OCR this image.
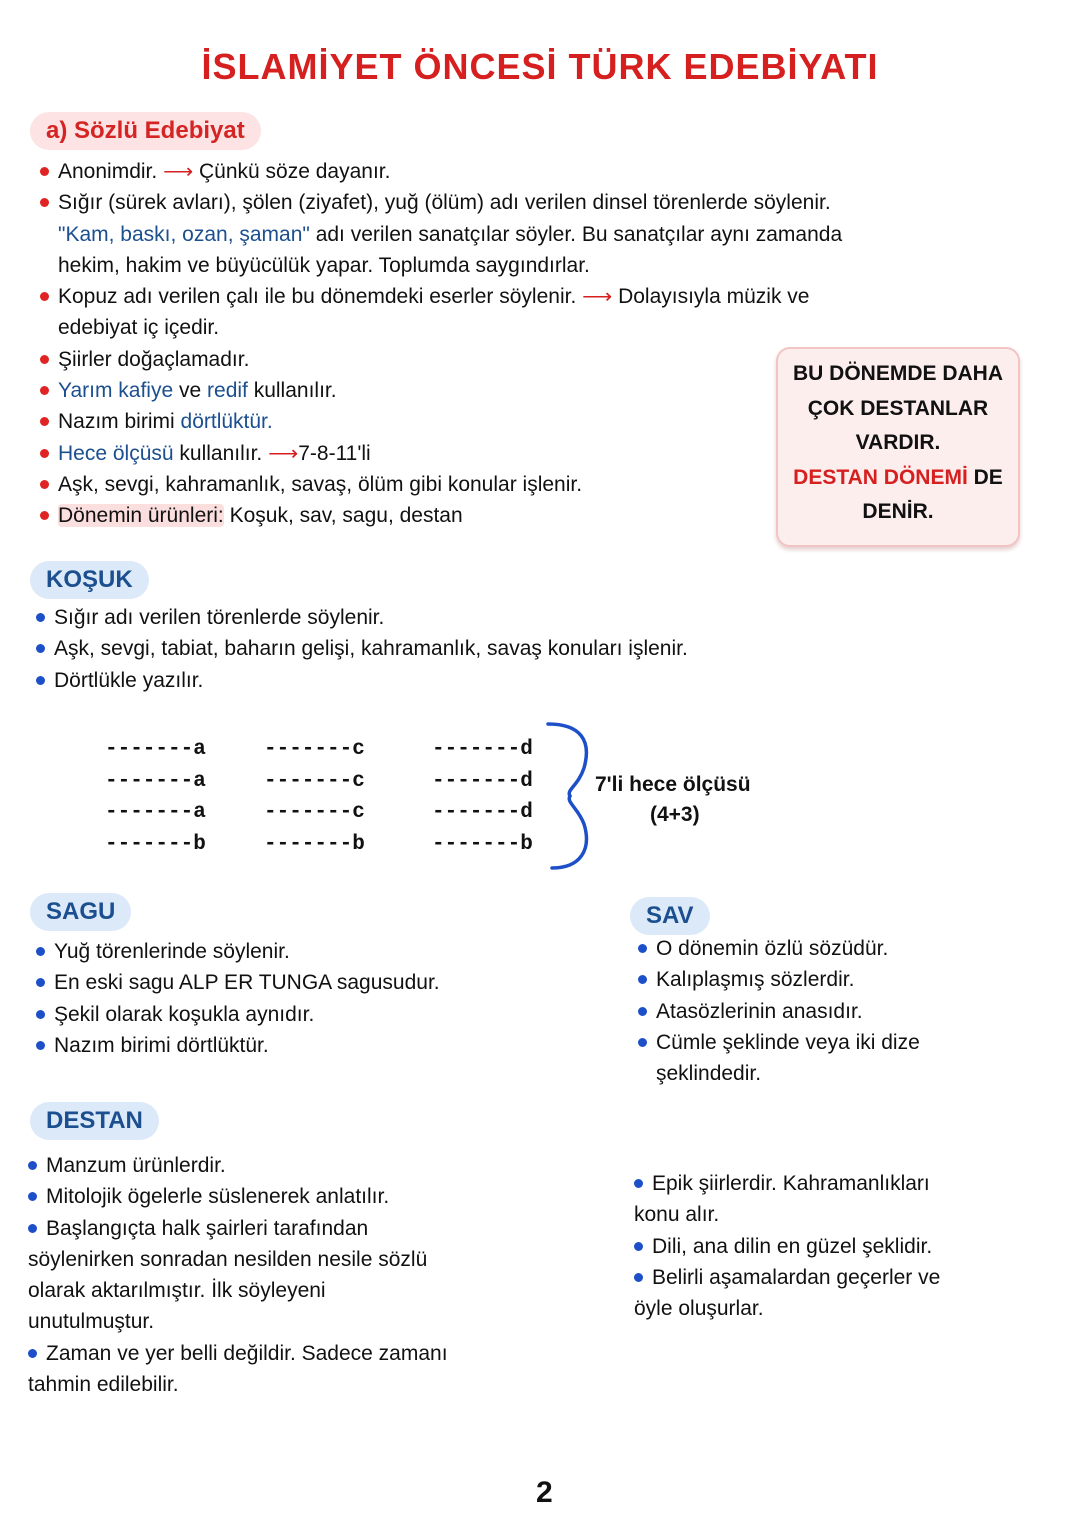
İSLAMİYET ÖNCESİ TÜRK EDEBİYATI
a) Sözlü Edebiyat
Anonimdir. ⟶ Çünkü söze dayanır.
Sığır (sürek avları), şölen (ziyafet), yuğ (ölüm) adı verilen dinsel törenlerde söylenir.
"Kam, baskı, ozan, şaman" adı verilen sanatçılar söyler. Bu sanatçılar aynı zamanda
hekim, hakim ve büyücülük yapar. Toplumda saygındırlar.
Kopuz adı verilen çalı ile bu dönemdeki eserler söylenir. ⟶ Dolayısıyla müzik ve
edebiyat iç içedir.
Şiirler doğaçlamadır.
Yarım kafiye ve redif kullanılır.
Nazım birimi dörtlüktür.
Hece ölçüsü kullanılır. ⟶7-8-11'li
Aşk, sevgi, kahramanlık, savaş, ölüm gibi konular işlenir.
Dönemin ürünleri: Koşuk, sav, sagu, destan
BU DÖNEMDE DAHA
ÇOK DESTANLAR
VARDIR.
DESTAN DÖNEMİ DE
DENİR.
KOŞUK
Sığır adı verilen törenlerde söylenir.
Aşk, sevgi, tabiat, baharın gelişi, kahramanlık, savaş konuları işlenir.
Dörtlükle yazılır.
-------a
-------a
-------a
-------b
-------c
-------c
-------c
-------b
-------d
-------d
-------d
-------b
7'li hece ölçüsü
(4+3)
SAGU
Yuğ törenlerinde söylenir.
En eski sagu ALP ER TUNGA sagusudur.
Şekil olarak koşukla aynıdır.
Nazım birimi dörtlüktür.
SAV
O dönemin özlü sözüdür.
Kalıplaşmış sözlerdir.
Atasözlerinin anasıdır.
Cümle şeklinde veya iki dize
şeklindedir.
DESTAN
Manzum ürünlerdir.
Mitolojik ögelerle süslenerek anlatılır.
Başlangıçta halk şairleri tarafından
söylenirken sonradan nesilden nesile sözlü
olarak aktarılmıştır. İlk söyleyeni
unutulmuştur.
Zaman ve yer belli değildir. Sadece zamanı
tahmin edilebilir.
Epik şiirlerdir. Kahramanlıkları
konu alır.
Dili, ana dilin en güzel şeklidir.
Belirli aşamalardan geçerler ve
öyle oluşurlar.
2
